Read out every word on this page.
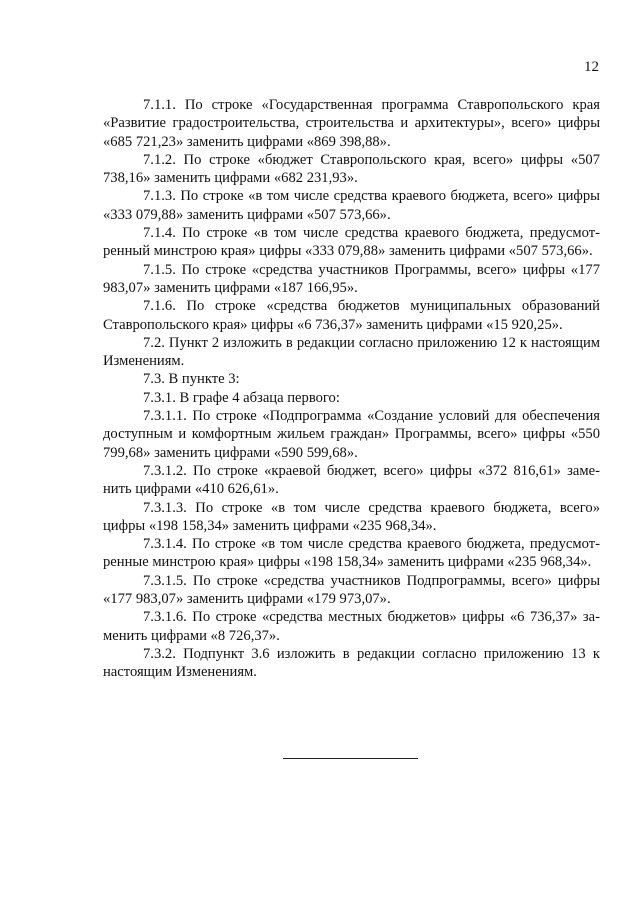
12

7.1.1. По строке «Государственная программа Ставропольского края «Развитие градостроительства, строительства и архитектуры», всего» цифры «685 721,23» заменить цифрами «869 398,88».

7.1.2. По строке «бюджет Ставропольского края, всего» цифры «507 738,16» заменить цифрами «682 231,93».

7.1.3. По строке «в том числе средства краевого бюджета, всего» цифры «333 079,88» заменить цифрами «507 573,66».

7.1.4. По строке «в том числе средства краевого бюджета, предусмотренный минстрою края» цифры «333 079,88» заменить цифрами «507 573,66».

7.1.5. По строке «средства участников Программы, всего» цифры «177 983,07» заменить цифрами «187 166,95».

7.1.6. По строке «средства бюджетов муниципальных образований Ставропольского края» цифры «6 736,37» заменить цифрами «15 920,25».

7.2. Пункт 2 изложить в редакции согласно приложению 12 к настоящим Изменениям.

7.3. В пункте 3:

7.3.1. В графе 4 абзаца первого:

7.3.1.1. По строке «Подпрограмма «Создание условий для обеспечения доступным и комфортным жильем граждан» Программы, всего» цифры «550 799,68» заменить цифрами «590 599,68».

7.3.1.2. По строке «краевой бюджет, всего» цифры «372 816,61» заменить цифрами «410 626,61».

7.3.1.3. По строке «в том числе средства краевого бюджета, всего» цифры «198 158,34» заменить цифрами «235 968,34».

7.3.1.4. По строке «в том числе средства краевого бюджета, предусмотренные минстрою края» цифры «198 158,34» заменить цифрами «235 968,34».

7.3.1.5. По строке «средства участников Подпрограммы, всего» цифры «177 983,07» заменить цифрами «179 973,07».

7.3.1.6. По строке «средства местных бюджетов» цифры «6 736,37» заменить цифрами «8 726,37».

7.3.2. Подпункт 3.6 изложить в редакции согласно приложению 13 к настоящим Изменениям.
